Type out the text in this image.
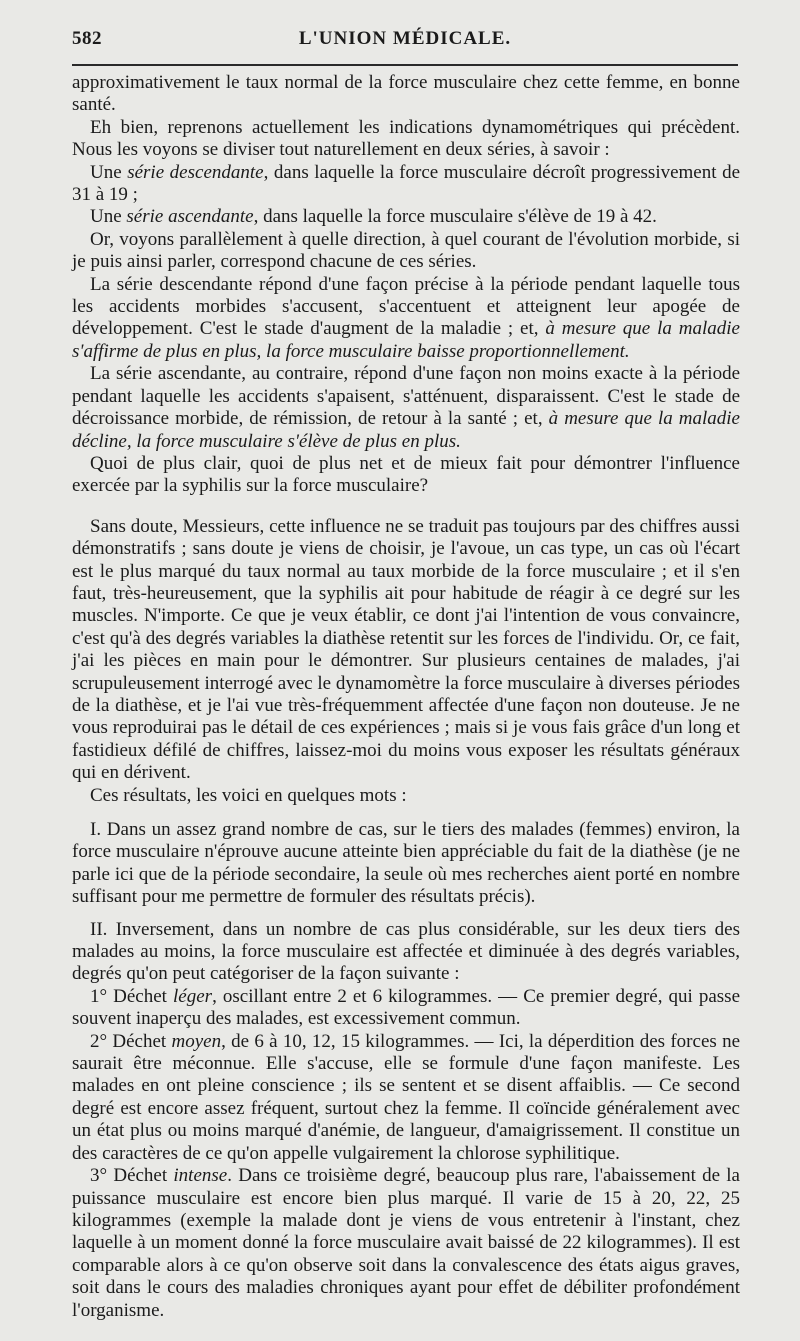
582	L'UNION MÉDICALE.

approximativement le taux normal de la force musculaire chez cette femme, en bonne santé.

Eh bien, reprenons actuellement les indications dynamométriques qui précèdent. Nous les voyons se diviser tout naturellement en deux séries, à savoir :

Une série descendante, dans laquelle la force musculaire décroît progressivement de 31 à 19 ;

Une série ascendante, dans laquelle la force musculaire s'élève de 19 à 42.

Or, voyons parallèlement à quelle direction, à quel courant de l'évolution morbide, si je puis ainsi parler, correspond chacune de ces séries.

La série descendante répond d'une façon précise à la période pendant laquelle tous les accidents morbides s'accusent, s'accentuent et atteignent leur apogée de développement. C'est le stade d'augment de la maladie ; et, à mesure que la maladie s'affirme de plus en plus, la force musculaire baisse proportionnellement.

La série ascendante, au contraire, répond d'une façon non moins exacte à la période pendant laquelle les accidents s'apaisent, s'atténuent, disparaissent. C'est le stade de décroissance morbide, de rémission, de retour à la santé ; et, à mesure que la maladie décline, la force musculaire s'élève de plus en plus.

Quoi de plus clair, quoi de plus net et de mieux fait pour démontrer l'influence exercée par la syphilis sur la force musculaire?

Sans doute, Messieurs, cette influence ne se traduit pas toujours par des chiffres aussi démonstratifs ; sans doute je viens de choisir, je l'avoue, un cas type, un cas où l'écart est le plus marqué du taux normal au taux morbide de la force musculaire ; et il s'en faut, très-heureusement, que la syphilis ait pour habitude de réagir à ce degré sur les muscles. N'importe. Ce que je veux établir, ce dont j'ai l'intention de vous convaincre, c'est qu'à des degrés variables la diathèse retentit sur les forces de l'individu. Or, ce fait, j'ai les pièces en main pour le démontrer. Sur plusieurs centaines de malades, j'ai scrupuleusement interrogé avec le dynamomètre la force musculaire à diverses périodes de la diathèse, et je l'ai vue très-fréquemment affectée d'une façon non douteuse. Je ne vous reproduirai pas le détail de ces expériences ; mais si je vous fais grâce d'un long et fastidieux défilé de chiffres, laissez-moi du moins vous exposer les résultats généraux qui en dérivent.

Ces résultats, les voici en quelques mots :

I. Dans un assez grand nombre de cas, sur le tiers des malades (femmes) environ, la force musculaire n'éprouve aucune atteinte bien appréciable du fait de la diathèse (je ne parle ici que de la période secondaire, la seule où mes recherches aient porté en nombre suffisant pour me permettre de formuler des résultats précis).

II. Inversement, dans un nombre de cas plus considérable, sur les deux tiers des malades au moins, la force musculaire est affectée et diminuée à des degrés variables, degrés qu'on peut catégoriser de la façon suivante :

1° Déchet léger, oscillant entre 2 et 6 kilogrammes. — Ce premier degré, qui passe souvent inaperçu des malades, est excessivement commun.

2° Déchet moyen, de 6 à 10, 12, 15 kilogrammes. — Ici, la déperdition des forces ne saurait être méconnue. Elle s'accuse, elle se formule d'une façon manifeste. Les malades en ont pleine conscience ; ils se sentent et se disent affaiblis. — Ce second degré est encore assez fréquent, surtout chez la femme. Il coïncide généralement avec un état plus ou moins marqué d'anémie, de langueur, d'amaigrissement. Il constitue un des caractères de ce qu'on appelle vulgairement la chlorose syphilitique.

3° Déchet intense. Dans ce troisième degré, beaucoup plus rare, l'abaissement de la puissance musculaire est encore bien plus marqué. Il varie de 15 à 20, 22, 25 kilogrammes (exemple la malade dont je viens de vous entretenir à l'instant, chez laquelle à un moment donné la force musculaire avait baissé de 22 kilogrammes). Il est comparable alors à ce qu'on observe soit dans la convalescence des états aigus graves, soit dans le cours des maladies chroniques ayant pour effet de débiliter profondément l'organisme.
